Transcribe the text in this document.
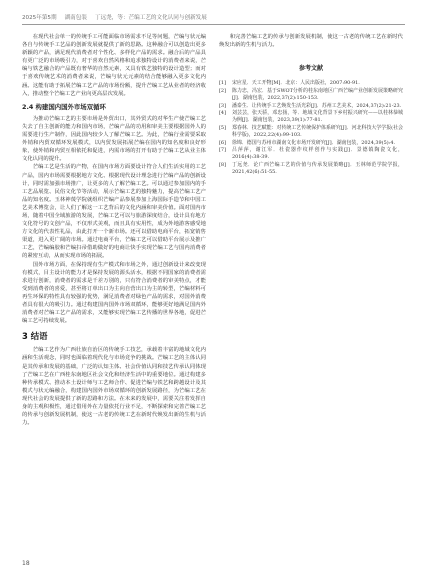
2025年第5期 湖南包装 丁远尧，等：芒编工艺的文化认同与创新发展

在现代社会单一的传统手工可能面临市场需求不足等问题，芒编与状元编各自与传统手工艺品的创新发展就提供了新的思路。这种融合可以创造出更多新颖的产品，满足现代消费者对个性化、多样化产品的需求。融合后的产品具有更广泛的市场吸引力，对于喜欢自然风格和追求独特设计的消费者来说，芒编与铁艺融合的产品既有奢华的自然元素，又具有铁艺独特的设计造型；而对于喜欢传统艺术的消费者来说，芒编与状元元素的结合能够融入更多文化内涵。这能有助于拓展芒编工艺产品的市场份额，提升芒编工艺从业者的经济收入，推动整个芒编工艺产业向更高层次发展。

2.4 构建国内国外市场双循环

为推动芒编工艺的主要市场是外贸出口，其外贸式的对华生产使芒编工艺失去了自主创新的能力和国内市场，芒编产品的功用和审美主要根据国外人的需要进行生产制作，因此国内较少人了解芒编工艺。为此，芒编行业需要采取外销和内贸双循环发展模式，以内贸发展拓展芒编在国内的知名度和良好形象，使外销和内贸互相依托和促进，内需市场的打开有助于芒编工艺从业主体文化认同的提升。

芒编工艺是生活的产物，在国内市场方面要设计符合人们生活实用的工艺产品，国内市场需要根据地方文化、根据现代设计理念进行芒编产品的创新设计，同时需加强市场推广，让更多的人了解芒编工艺。可以通过参加国内的手工艺品展览、民俗文化节等活动，展示芒编工艺的独特魅力，提高芒编工艺产品的知名度。玉林神蔑学院就组织芒编产品参展参加上海国际手造节和中国工艺美术博览会，让人们了解这一工艺背后的文化内涵和审美价值。面对国内市场，随着中国全域旅游的发展，芒编工艺可以与旅游深度结合，设计具有地方文化符号的文创产品，不仅形式美观，而且具有实用性，成为外地游客感受地方文化的代表性礼品，由此打开一个新市场。还可以借助电商平台，拓宽销售渠道，进入更广阔的市场。通过电商平台，芒编工艺可以借助平台展示及推广工艺，芒编编胶和芒编扫帚借助做好的电商让快手实现芒编工艺与国内消费者的紧密互动，从而实现市场的拓展。

国外市场方面，在保持现有生产模式和市场之外，通过创新设计来改变现有模式，目主设计的能力才是保持发展的源头活水，根据不同国家的消费者需求进行创新，消费者的需求是千差万别的，只有符合消费者的审美特点，才能受到消费者的喜爱，甚至将订单出口为主向自营出口为主的转型，芒编材料可再生环保的特性具有较强的优势，满足消费者对绿色产品的需求，对国外消费者具有很大的吸引力。通过构建国内国外市场双循环，能够更好地满足国内外消费者对芒编工艺产品的需求，又能够实现芒编工艺传播的世界各地，促进芒编工艺可持续发展。

3 结语

芒编工艺作为广西壮族自治区的传统手工技艺，承载着丰富的地域文化内涵和生活观念，同时也面临着现代化与市场竞争的挑战。芒编工艺的主体认同是其传承和发展的基础，广泛的认知主体、社会价值认同和技艺传承认同体现了芒编工艺在广西桂东南地区社会文化和经济生活中的重要地位。通过构建多种传承模式、推动本土设计师与工艺师合作、促进芒编与铁艺和跨越设计及其模式与状元编融合，构建国内国外市场双循环的创新发展路径，为芒编工艺在现代社会的发展提供了新的思路和方法。在未来的发展中，需要关注着发挥自身的主观积极性，通过借用外在力量依托行业不足，不断探索和完善芒编工艺的传承与创新发展机制，使这一古老的传统工艺在新时代焕发出新的生机与活力。

和完善芒编工艺的传承与创新发展机制，使这一古老的传统工艺在新时代焕发出新的生机与活力。

参考文献
[1]	宋应星．天工开物[M]．北京：人民出版社，2007:90-91.
[2]	陈力忠，冯宏．基于SWOT分析的桂东南地区广西芒编产业创新发展策略研究[J]．湖南包装，2022,37(2):150-153.
[3]	潘泰生．让传统手工艺焕发生活光彩[J]．苏州工艺美术，2024,37(2):21-23.
[4]	刘芸芸，张天骄，邓忠扬，等．地域文化背景下乡村振兴研究——以桂林恭城为例[J]．湖南包装，2023,39(1):77-81.
[5]	郑春林．技艺赋能：对传统工艺传统保护体系研究[J]．河北科技大学学报(社会科学版)，2022,22(4):99-103.
[6]	徐锦．德国与苏州市湖南文化市场开发研究[J]．湖南包装，2024,39(5):4.
[7]	吕萍萍，谢江军．杜瓷器作纹样创作与实践[J]．景德镇陶瓷文化，2016(4):38-39.
[8]	丁远尧．论广西芒编工艺的价值与传承发展策略[J]．玉林师范学院学报，2021,42(6):51-55.
18
